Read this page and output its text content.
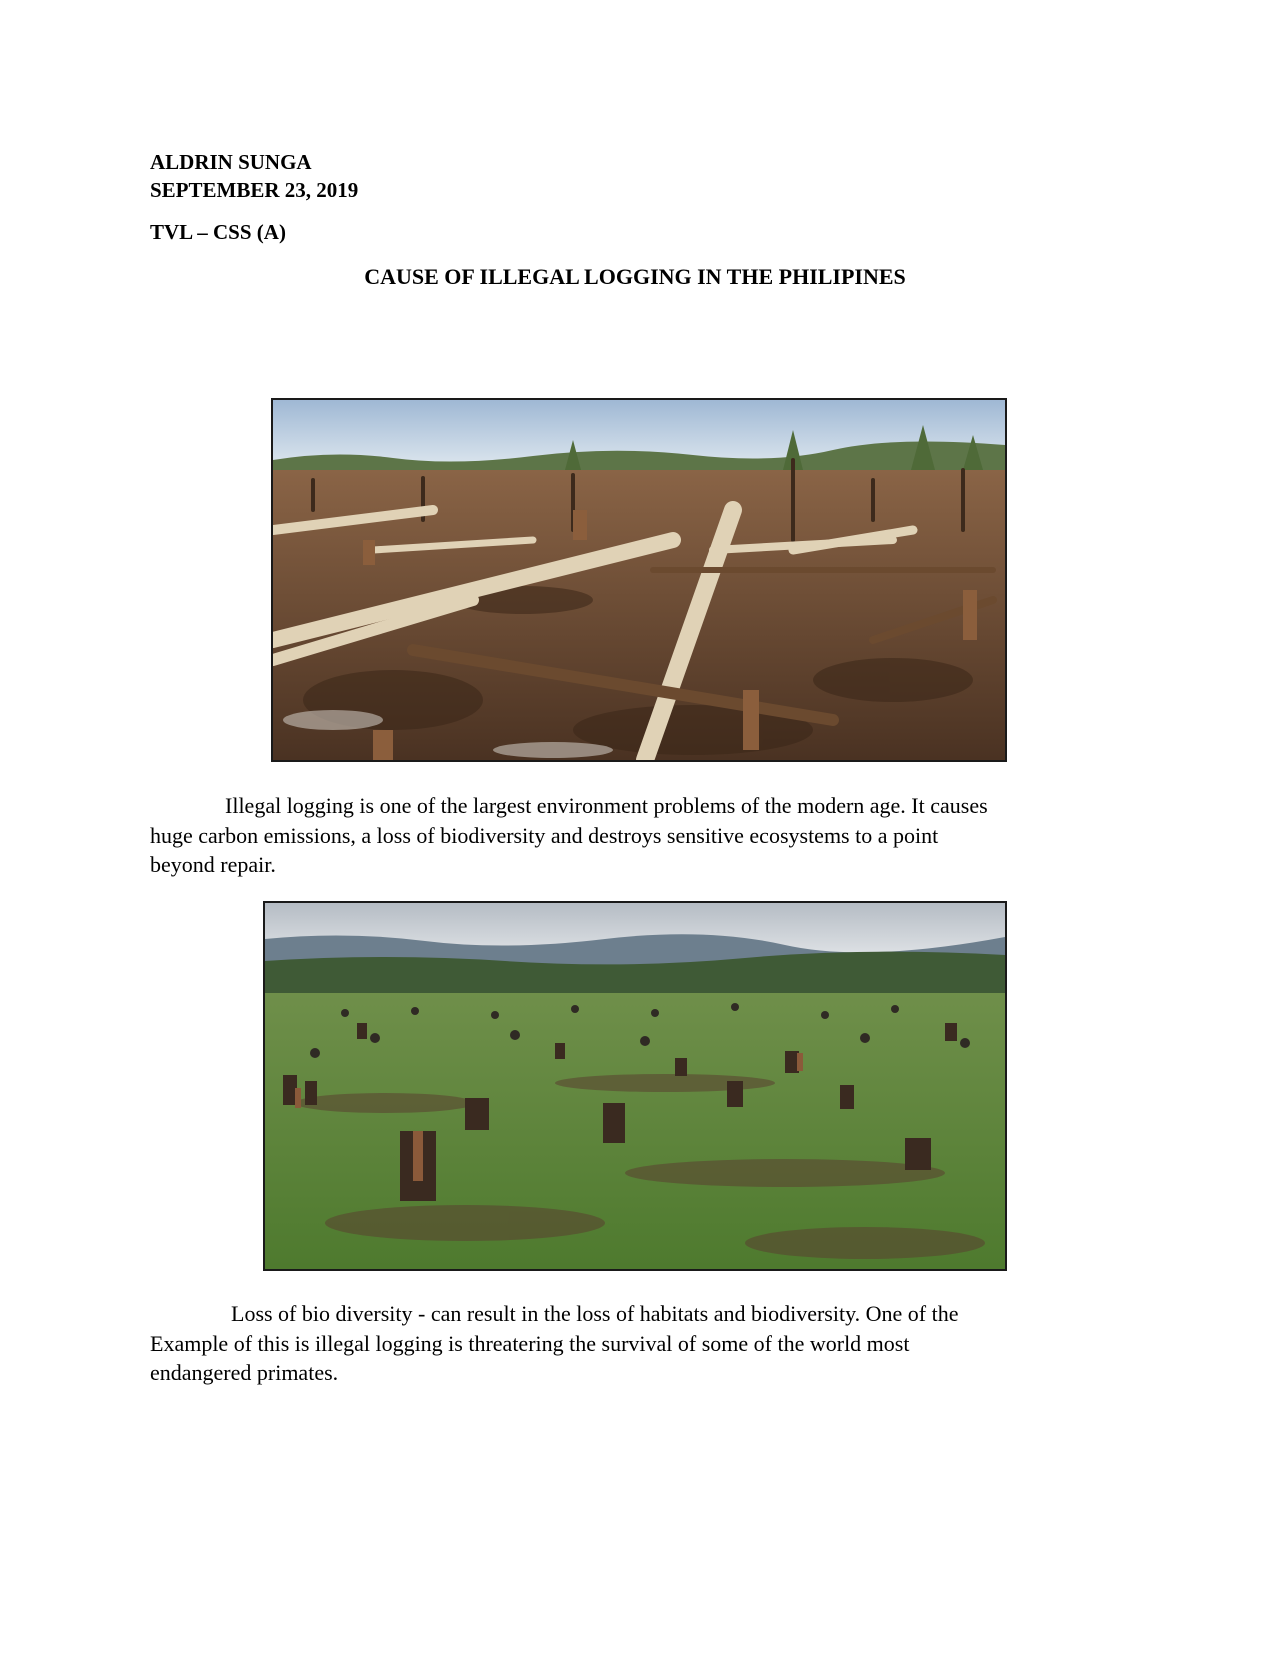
ALDRIN SUNGA
SEPTEMBER 23, 2019
TVL – CSS (A)
CAUSE OF ILLEGAL LOGGING IN THE PHILIPINES
Illegal logging is one of the largest environment problems of the modern age. It causes
huge carbon emissions, a loss of biodiversity and destroys sensitive ecosystems to a point
beyond repair.
Loss of bio diversity - can result in the loss of habitats and biodiversity. One of the
Example of this is illegal logging is threatering the survival of some of the world most
endangered primates.
